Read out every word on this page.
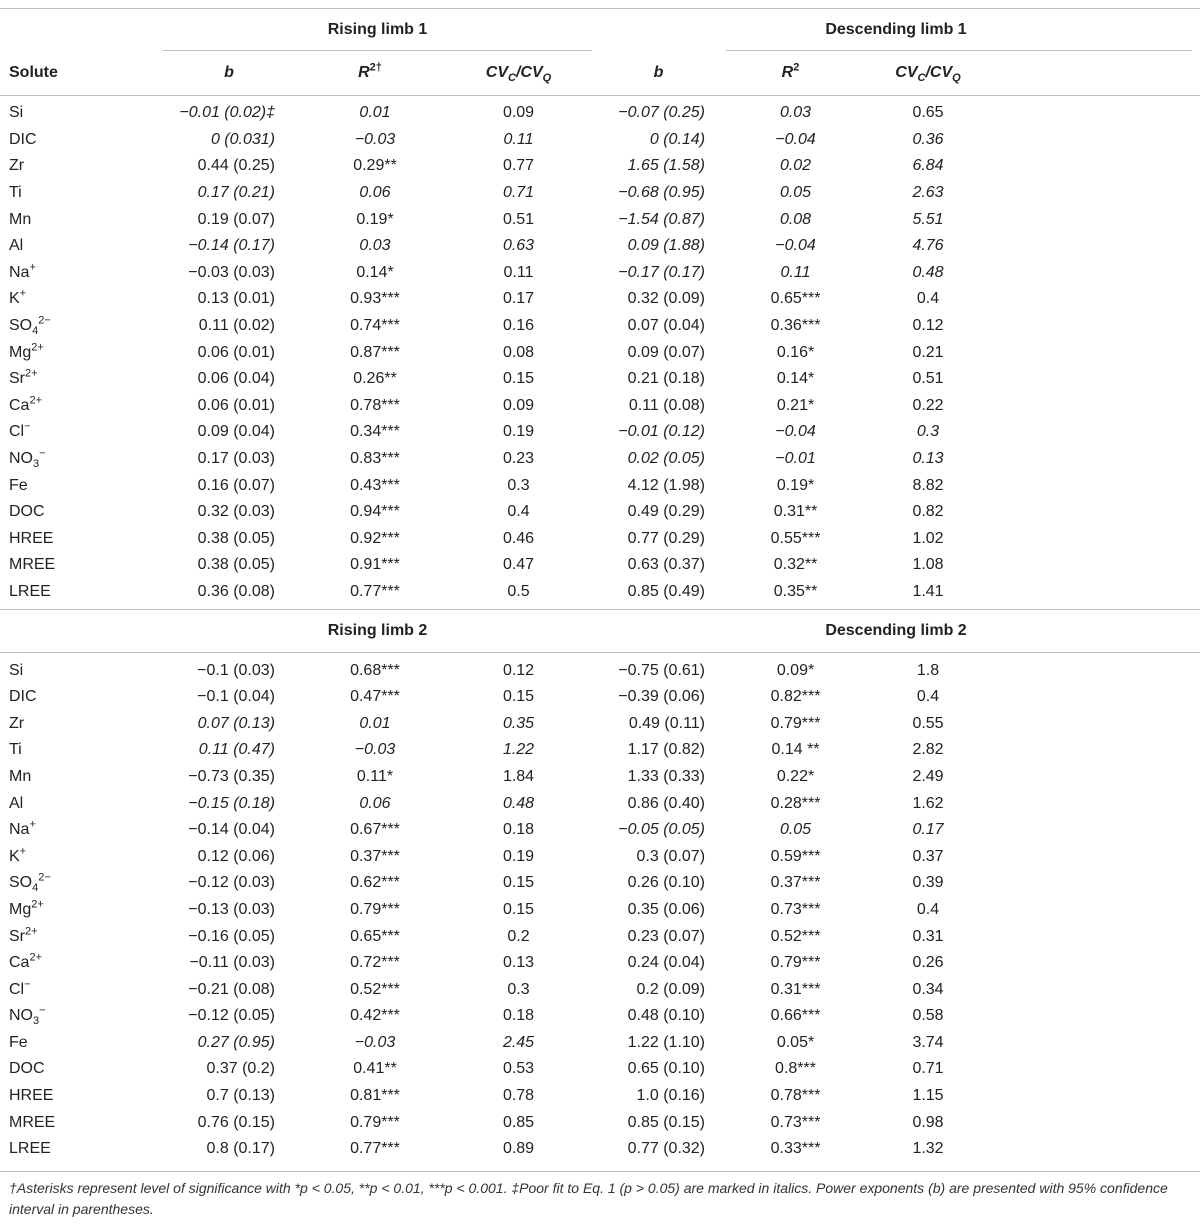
	Rising limb 1			Descending limb 1			
Solute	b	$R^{2\dagger}$	$CV_C/CV_Q$	b	$R^2$	$CV_C/CV_Q$	
Si	−0.01 (0.02)‡	0.01	0.09	−0.07 (0.25)	0.03	0.65	
DIC	0 (0.031)	−0.03	0.11	0 (0.14)	−0.04	0.36	
Zr	0.44 (0.25)	0.29**	0.77	1.65 (1.58)	0.02	6.84	
Ti	0.17 (0.21)	0.06	0.71	−0.68 (0.95)	0.05	2.63	
Mn	0.19 (0.07)	0.19*	0.51	−1.54 (0.87)	0.08	5.51	
Al	−0.14 (0.17)	0.03	0.63	0.09 (1.88)	−0.04	4.76	
Na+	−0.03 (0.03)	0.14*	0.11	−0.17 (0.17)	0.11	0.48	
K+	0.13 (0.01)	0.93***	0.17	0.32 (0.09)	0.65***	0.4	
$SO_4^{2-}$	0.11 (0.02)	0.74***	0.16	0.07 (0.04)	0.36***	0.12	
$Mg^{2+}$	0.06 (0.01)	0.87***	0.08	0.09 (0.07)	0.16*	0.21	
$Sr^{2+}$	0.06 (0.04)	0.26**	0.15	0.21 (0.18)	0.14*	0.51	
$Ca^{2+}$	0.06 (0.01)	0.78***	0.09	0.11 (0.08)	0.21*	0.22	
Cl−	0.09 (0.04)	0.34***	0.19	−0.01 (0.12)	−0.04	0.3	
$NO_3^-$	0.17 (0.03)	0.83***	0.23	0.02 (0.05)	−0.01	0.13	
Fe	0.16 (0.07)	0.43***	0.3	4.12 (1.98)	0.19*	8.82	
DOC	0.32 (0.03)	0.94***	0.4	0.49 (0.29)	0.31**	0.82	
HREE	0.38 (0.05)	0.92***	0.46	0.77 (0.29)	0.55***	1.02	
MREE	0.38 (0.05)	0.91***	0.47	0.63 (0.37)	0.32**	1.08	
LREE	0.36 (0.08)	0.77***	0.5	0.85 (0.49)	0.35**	1.41	
	Rising limb 2			Descending limb 2			
Si	−0.1 (0.03)	0.68***	0.12	−0.75 (0.61)	0.09*	1.8	
DIC	−0.1 (0.04)	0.47***	0.15	−0.39 (0.06)	0.82***	0.4	
Zr	0.07 (0.13)	0.01	0.35	0.49 (0.11)	0.79***	0.55	
Ti	0.11 (0.47)	−0.03	1.22	1.17 (0.82)	0.14 **	2.82	
Mn	−0.73 (0.35)	0.11*	1.84	1.33 (0.33)	0.22*	2.49	
Al	−0.15 (0.18)	0.06	0.48	0.86 (0.40)	0.28***	1.62	
Na+	−0.14 (0.04)	0.67***	0.18	−0.05 (0.05)	0.05	0.17	
K+	0.12 (0.06)	0.37***	0.19	0.3 (0.07)	0.59***	0.37	
$SO_4^{2-}$	−0.12 (0.03)	0.62***	0.15	0.26 (0.10)	0.37***	0.39	
$Mg^{2+}$	−0.13 (0.03)	0.79***	0.15	0.35 (0.06)	0.73***	0.4	
$Sr^{2+}$	−0.16 (0.05)	0.65***	0.2	0.23 (0.07)	0.52***	0.31	
$Ca^{2+}$	−0.11 (0.03)	0.72***	0.13	0.24 (0.04)	0.79***	0.26	
Cl−	−0.21 (0.08)	0.52***	0.3	0.2 (0.09)	0.31***	0.34	
$NO_3^-$	−0.12 (0.05)	0.42***	0.18	0.48 (0.10)	0.66***	0.58	
Fe	0.27 (0.95)	−0.03	2.45	1.22 (1.10)	0.05*	3.74	
DOC	0.37 (0.2)	0.41**	0.53	0.65 (0.10)	0.8***	0.71	
HREE	0.7 (0.13)	0.81***	0.78	1.0 (0.16)	0.78***	1.15	
MREE	0.76 (0.15)	0.79***	0.85	0.85 (0.15)	0.73***	0.98	
LREE	0.8 (0.17)	0.77***	0.89	0.77 (0.32)	0.33***	1.32	
†Asterisks represent level of significance with *p < 0.05, **p < 0.01, ***p < 0.001. ‡Poor fit to Eq. 1 (p > 0.05) are marked in italics. Power exponents (b) are presented with 95% confidence interval in parentheses.
